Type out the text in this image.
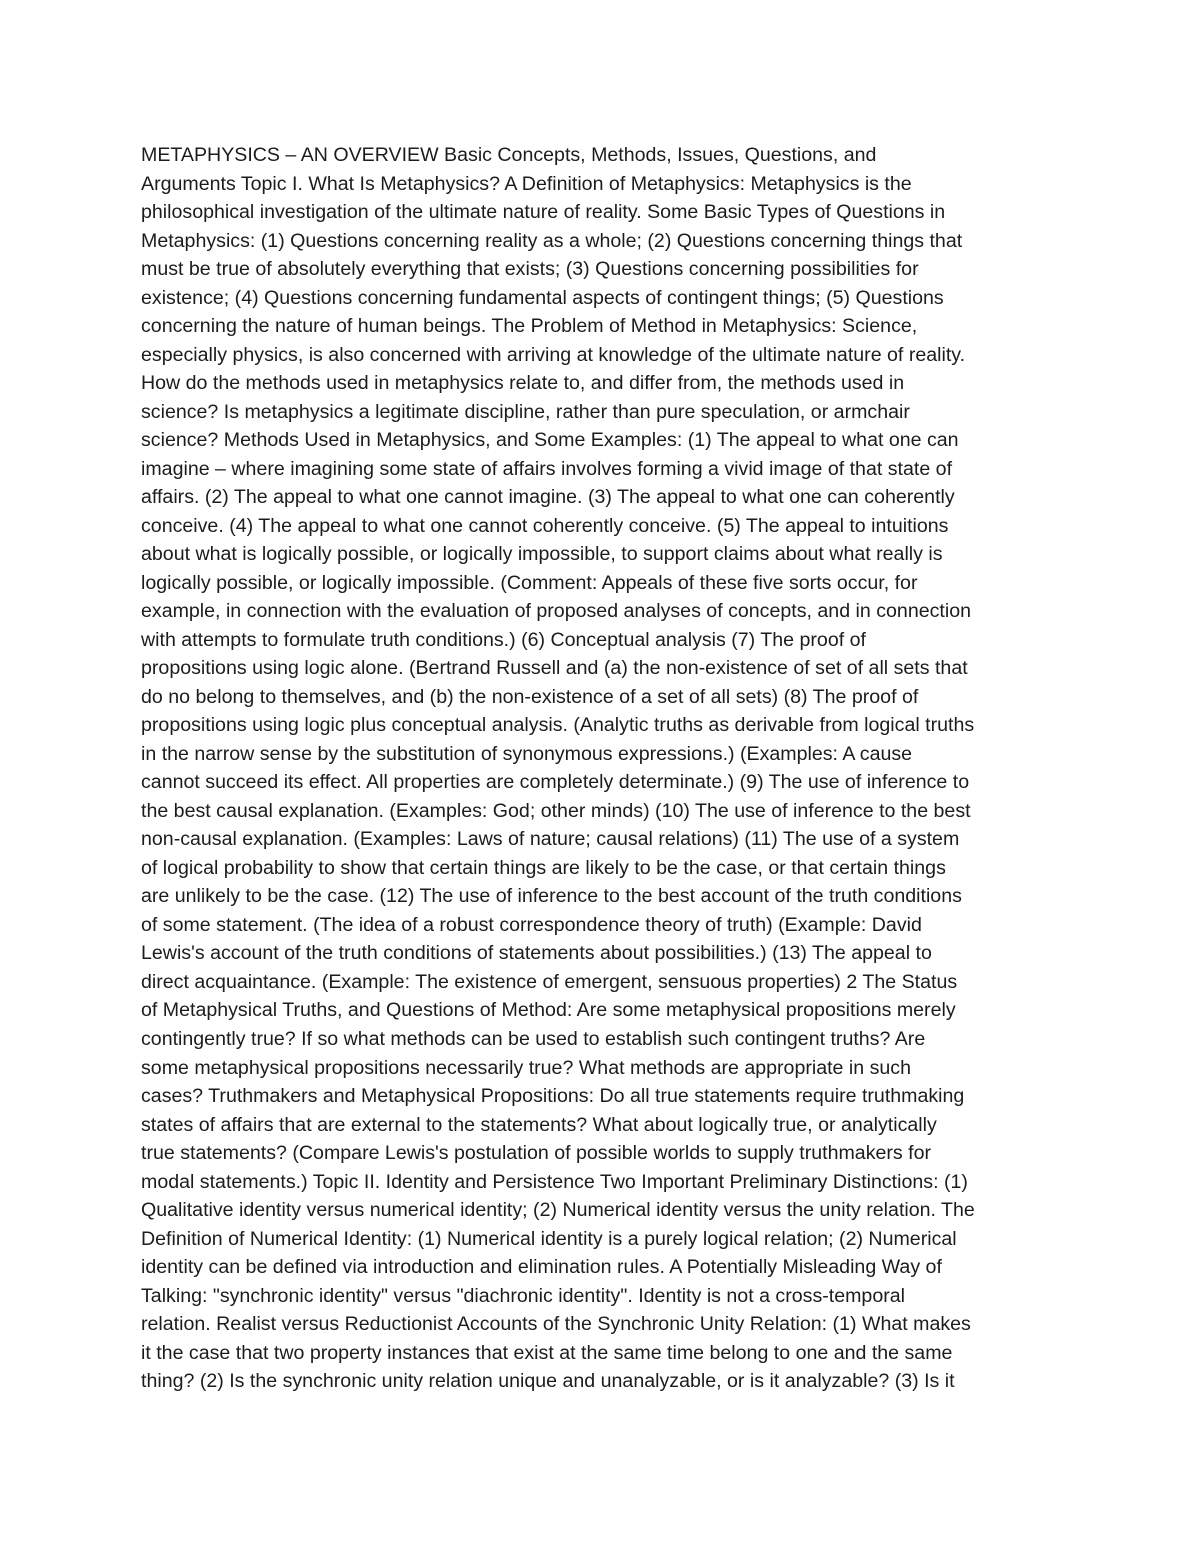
METAPHYSICS – AN OVERVIEW Basic Concepts, Methods, Issues, Questions, and
Arguments Topic I. What Is Metaphysics? A Definition of Metaphysics: Metaphysics is the
philosophical investigation of the ultimate nature of reality. Some Basic Types of Questions in
Metaphysics: (1) Questions concerning reality as a whole; (2) Questions concerning things that
must be true of absolutely everything that exists; (3) Questions concerning possibilities for
existence; (4) Questions concerning fundamental aspects of contingent things; (5) Questions
concerning the nature of human beings. The Problem of Method in Metaphysics: Science,
especially physics, is also concerned with arriving at knowledge of the ultimate nature of reality.
How do the methods used in metaphysics relate to, and differ from, the methods used in
science? Is metaphysics a legitimate discipline, rather than pure speculation, or armchair
science? Methods Used in Metaphysics, and Some Examples: (1) The appeal to what one can
imagine – where imagining some state of affairs involves forming a vivid image of that state of
affairs. (2) The appeal to what one cannot imagine. (3) The appeal to what one can coherently
conceive. (4) The appeal to what one cannot coherently conceive. (5) The appeal to intuitions
about what is logically possible, or logically impossible, to support claims about what really is
logically possible, or logically impossible. (Comment: Appeals of these five sorts occur, for
example, in connection with the evaluation of proposed analyses of concepts, and in connection
with attempts to formulate truth conditions.) (6) Conceptual analysis (7) The proof of
propositions using logic alone. (Bertrand Russell and (a) the non-existence of set of all sets that
do no belong to themselves, and (b) the non-existence of a set of all sets) (8) The proof of
propositions using logic plus conceptual analysis. (Analytic truths as derivable from logical truths
in the narrow sense by the substitution of synonymous expressions.) (Examples: A cause
cannot succeed its effect. All properties are completely determinate.) (9) The use of inference to
the best causal explanation. (Examples: God; other minds) (10) The use of inference to the best
non-causal explanation. (Examples: Laws of nature; causal relations) (11) The use of a system
of logical probability to show that certain things are likely to be the case, or that certain things
are unlikely to be the case. (12) The use of inference to the best account of the truth conditions
of some statement. (The idea of a robust correspondence theory of truth) (Example: David
Lewis's account of the truth conditions of statements about possibilities.) (13) The appeal to
direct acquaintance. (Example: The existence of emergent, sensuous properties) 2 The Status
of Metaphysical Truths, and Questions of Method: Are some metaphysical propositions merely
contingently true? If so what methods can be used to establish such contingent truths? Are
some metaphysical propositions necessarily true? What methods are appropriate in such
cases? Truthmakers and Metaphysical Propositions: Do all true statements require truthmaking
states of affairs that are external to the statements? What about logically true, or analytically
true statements? (Compare Lewis's postulation of possible worlds to supply truthmakers for
modal statements.) Topic II. Identity and Persistence Two Important Preliminary Distinctions: (1)
Qualitative identity versus numerical identity; (2) Numerical identity versus the unity relation. The
Definition of Numerical Identity: (1) Numerical identity is a purely logical relation; (2) Numerical
identity can be defined via introduction and elimination rules. A Potentially Misleading Way of
Talking: "synchronic identity" versus "diachronic identity". Identity is not a cross-temporal
relation. Realist versus Reductionist Accounts of the Synchronic Unity Relation: (1) What makes
it the case that two property instances that exist at the same time belong to one and the same
thing? (2) Is the synchronic unity relation unique and unanalyzable, or is it analyzable? (3) Is it
